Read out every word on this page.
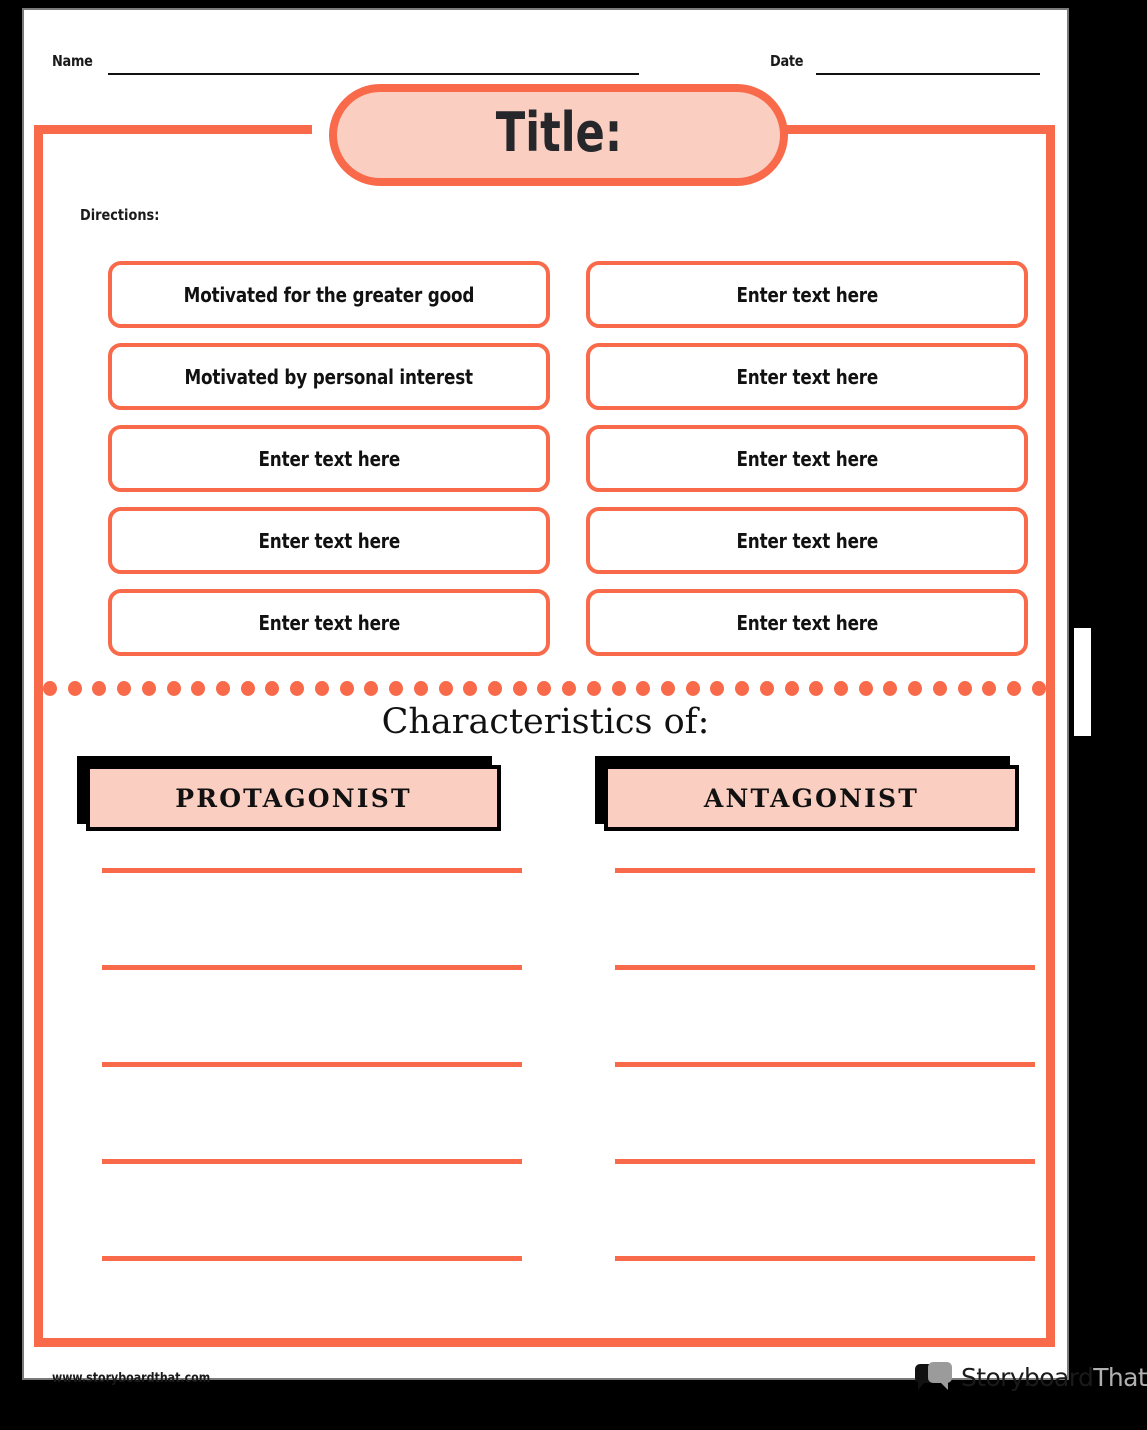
Name	Date
Title:
Directions:
Motivated for the greater good
Motivated by personal interest
Enter text here
Enter text here
Enter text here
Enter text here
Enter text here
Enter text here
Enter text here
Enter text here
Characteristics of:
PROTAGONIST	ANTAGONIST
www.storyboardthat.com	Storyboard That
